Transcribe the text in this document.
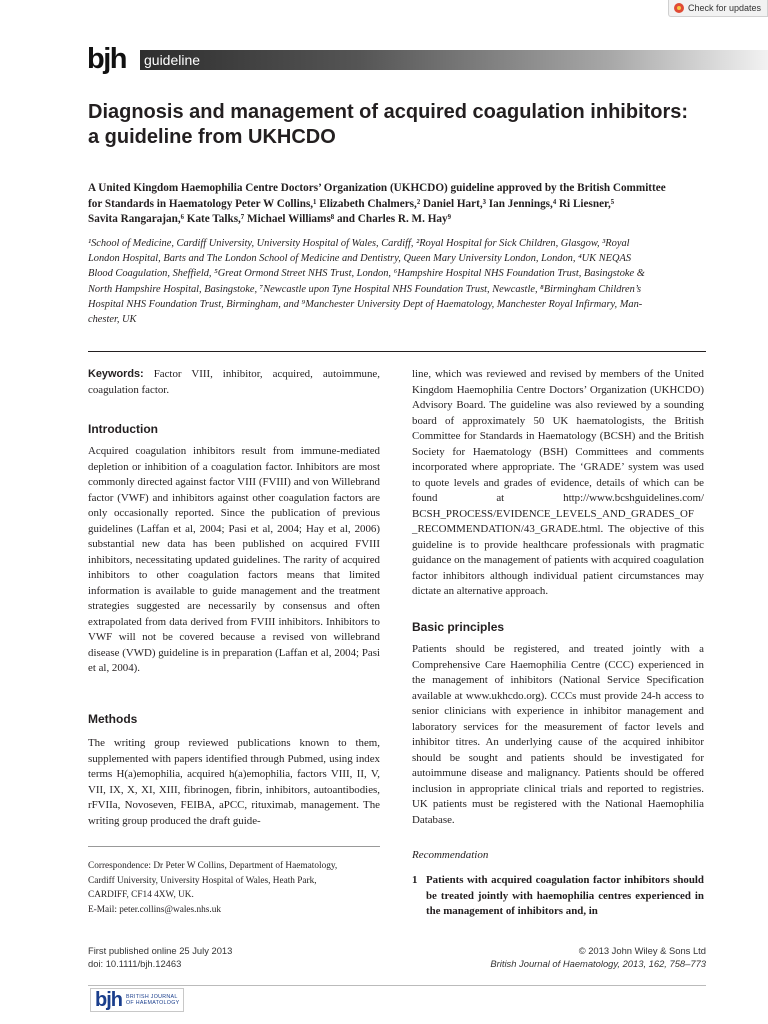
Check for updates
bjh guideline
Diagnosis and management of acquired coagulation inhibitors:
a guideline from UKHCDO
A United Kingdom Haemophilia Centre Doctors’ Organization (UKHCDO) guideline approved by the British Committee
for Standards in Haematology Peter W Collins,¹ Elizabeth Chalmers,² Daniel Hart,³ Ian Jennings,⁴ Ri Liesner,⁵
Savita Rangarajan,⁶ Kate Talks,⁷ Michael Williams⁸ and Charles R. M. Hay⁹
¹School of Medicine, Cardiff University, University Hospital of Wales, Cardiff, ²Royal Hospital for Sick Children, Glasgow, ³Royal
London Hospital, Barts and The London School of Medicine and Dentistry, Queen Mary University London, London, ⁴UK NEQAS
Blood Coagulation, Sheffield, ⁵Great Ormond Street NHS Trust, London, ⁶Hampshire Hospital NHS Foundation Trust, Basingstoke &
North Hampshire Hospital, Basingstoke, ⁷Newcastle upon Tyne Hospital NHS Foundation Trust, Newcastle, ⁸Birmingham Children’s
Hospital NHS Foundation Trust, Birmingham, and ⁹Manchester University Dept of Haematology, Manchester Royal Infirmary, Man-
chester, UK

Keywords: Factor VIII, inhibitor, acquired, autoimmune, coagulation factor.

Introduction

Acquired coagulation inhibitors result from immune-mediated depletion or inhibition of a coagulation factor. Inhibitors are most commonly directed against factor VIII (FVIII) and von Willebrand factor (VWF) and inhibitors against other coagulation factors are only occasionally reported. Since the publication of previous guidelines (Laffan et al, 2004; Pasi et al, 2004; Hay et al, 2006) substantial new data has been published on acquired FVIII inhibitors, necessitating updated guidelines. The rarity of acquired inhibitors to other coagulation factors means that limited information is available to guide management and the treatment strategies suggested are necessarily by consensus and often extrapolated from data derived from FVIII inhibitors. Inhibitors to VWF will not be covered because a revised von willebrand disease (VWD) guideline is in preparation (Laffan et al, 2004; Pasi et al, 2004).

Methods

The writing group reviewed publications known to them, supplemented with papers identified through Pubmed, using index terms H(a)emophilia, acquired h(a)emophilia, factors VIII, II, V, VII, IX, X, XI, XIII, fibrinogen, fibrin, inhibitors, autoantibodies, rFVIIa, Novoseven, FEIBA, aPCC, rituximab, management. The writing group produced the draft guide-

Correspondence: Dr Peter W Collins, Department of Haematology,
Cardiff University, University Hospital of Wales, Heath Park,
CARDIFF, CF14 4XW, UK.
E-Mail: peter.collins@wales.nhs.uk

line, which was reviewed and revised by members of the United Kingdom Haemophilia Centre Doctors’ Organization (UKHCDO) Advisory Board. The guideline was also reviewed by a sounding board of approximately 50 UK haematologists, the British Committee for Standards in Haematology (BCSH) and the British Society for Haematology (BSH) Committees and comments incorporated where appropriate. The ‘GRADE’ system was used to quote levels and grades of evidence, details of which can be found at http://www.bcshguidelines.com/ BCSH_PROCESS/EVIDENCE_LEVELS_AND_GRADES_OF _RECOMMENDATION/43_GRADE.html. The objective of this guideline is to provide healthcare professionals with pragmatic guidance on the management of patients with acquired coagulation factor inhibitors although individual patient circumstances may dictate an alternative approach.

Basic principles

Patients should be registered, and treated jointly with a Comprehensive Care Haemophilia Centre (CCC) experienced in the management of inhibitors (National Service Specification available at www.ukhcdo.org). CCCs must provide 24-h access to senior clinicians with experience in inhibitor management and laboratory services for the measurement of factor levels and inhibitor titres. An underlying cause of the acquired inhibitor should be sought and patients should be investigated for autoimmune disease and malignancy. Patients should be offered inclusion in appropriate clinical trials and reported to registries. UK patients must be registered with the National Haemophilia Database.

Recommendation
1 Patients with acquired coagulation factor inhibitors should be treated jointly with haemophilia centres experienced in the management of inhibitors and, in
First published online 25 July 2013
doi: 10.1111/bjh.12463
© 2013 John Wiley & Sons Ltd
British Journal of Haematology, 2013, 162, 758–773
bjh BRITISH JOURNAL
OF HAEMATOLOGY
